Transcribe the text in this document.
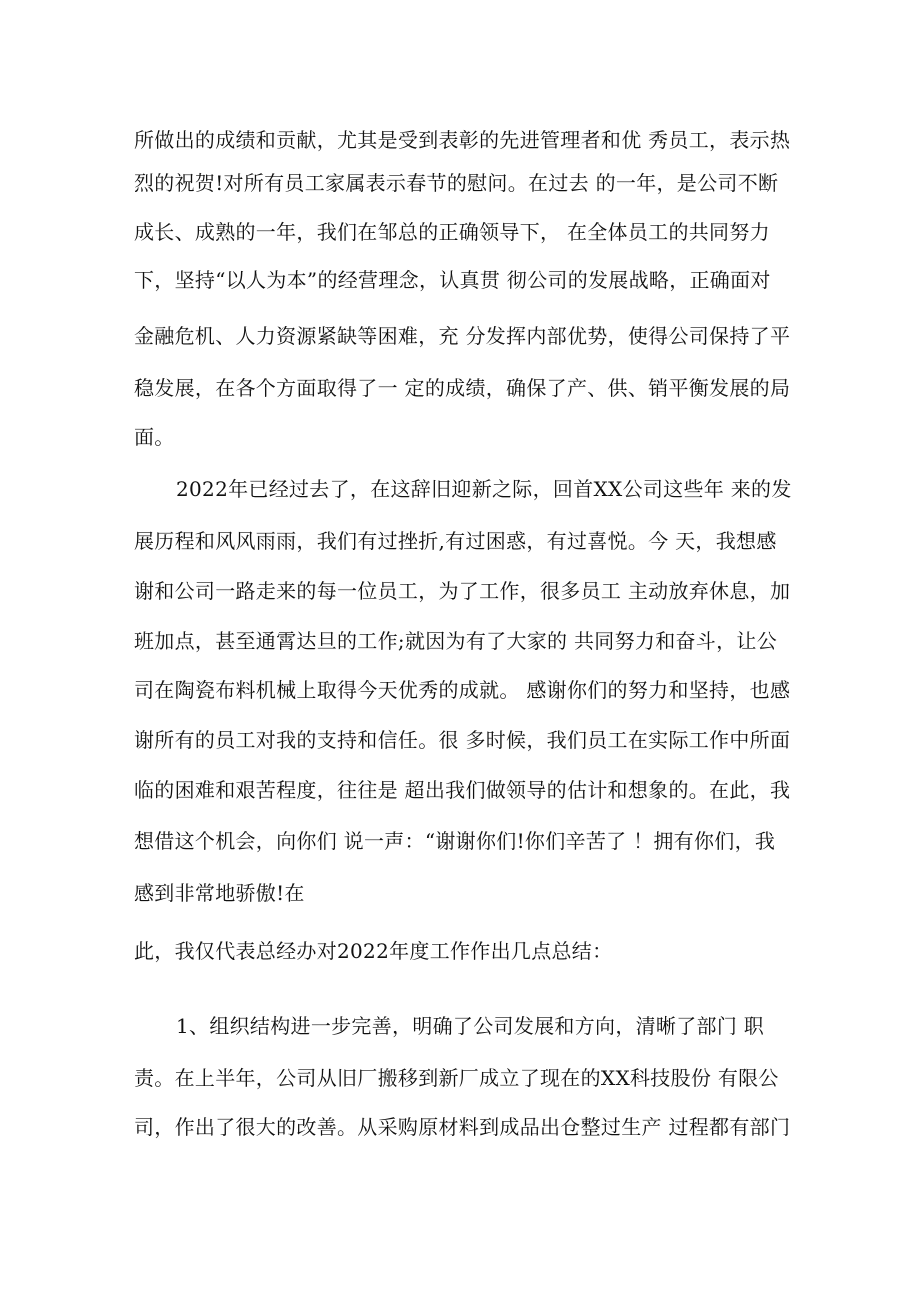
所做出的成绩和贡献，尤其是受到表彰的先进管理者和优 秀员工，表示热
烈的祝贺!对所有员工家属表示春节的慰问。在过去 的一年，是公司不断
成长、成熟的一年，我们在邹总的正确领导下， 在全体员工的共同努力
下，坚持“以人为本”的经营理念，认真贯 彻公司的发展战略，正确面对
金融危机、人力资源紧缺等困难，充 分发挥内部优势，使得公司保持了平
稳发展，在各个方面取得了一 定的成绩，确保了产、供、销平衡发展的局
面。
2022年已经过去了，在这辞旧迎新之际，回首XX公司这些年 来的发
展历程和风风雨雨，我们有过挫折,有过困惑，有过喜悦。今 天，我想感
谢和公司一路走来的每一位员工，为了工作，很多员工 主动放弃休息，加
班加点，甚至通霄达旦的工作;就因为有了大家的 共同努力和奋斗，让公
司在陶瓷布料机械上取得今天优秀的成就。 感谢你们的努力和坚持，也感
谢所有的员工对我的支持和信任。很 多时候，我们员工在实际工作中所面
临的困难和艰苦程度，往往是 超出我们做领导的估计和想象的。在此，我
想借这个机会，向你们 说一声：“谢谢你们!你们辛苦了 ！拥有你们，我
感到非常地骄傲!在
此，我仅代表总经办对2022年度工作作出几点总结：
1、组织结构进一步完善，明确了公司发展和方向，清晰了部门 职
责。在上半年，公司从旧厂搬移到新厂成立了现在的XX科技股份 有限公
司，作出了很大的改善。从采购原材料到成品出仓整过生产 过程都有部门
